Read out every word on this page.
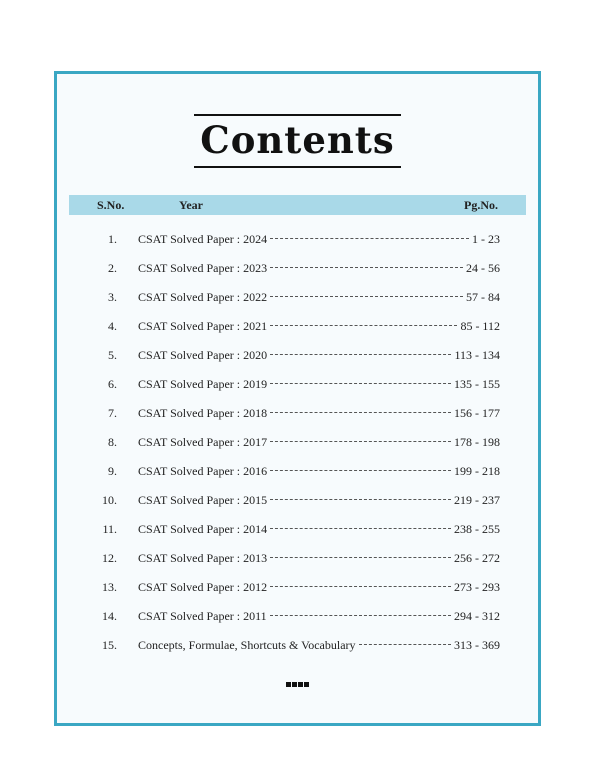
Contents
S.No.	Year	Pg.No.
1. CSAT Solved Paper : 2024	1 - 23
2. CSAT Solved Paper : 2023	24 - 56
3. CSAT Solved Paper : 2022	57 - 84
4. CSAT Solved Paper : 2021	85 - 112
5. CSAT Solved Paper : 2020	113 - 134
6. CSAT Solved Paper : 2019	135 - 155
7. CSAT Solved Paper : 2018	156 - 177
8. CSAT Solved Paper : 2017	178 - 198
9. CSAT Solved Paper : 2016	199 - 218
10. CSAT Solved Paper : 2015	219 - 237
11. CSAT Solved Paper : 2014	238 - 255
12. CSAT Solved Paper : 2013	256 - 272
13. CSAT Solved Paper : 2012	273 - 293
14. CSAT Solved Paper : 2011	294 - 312
15. Concepts, Formulae, Shortcuts & Vocabulary	313 - 369
